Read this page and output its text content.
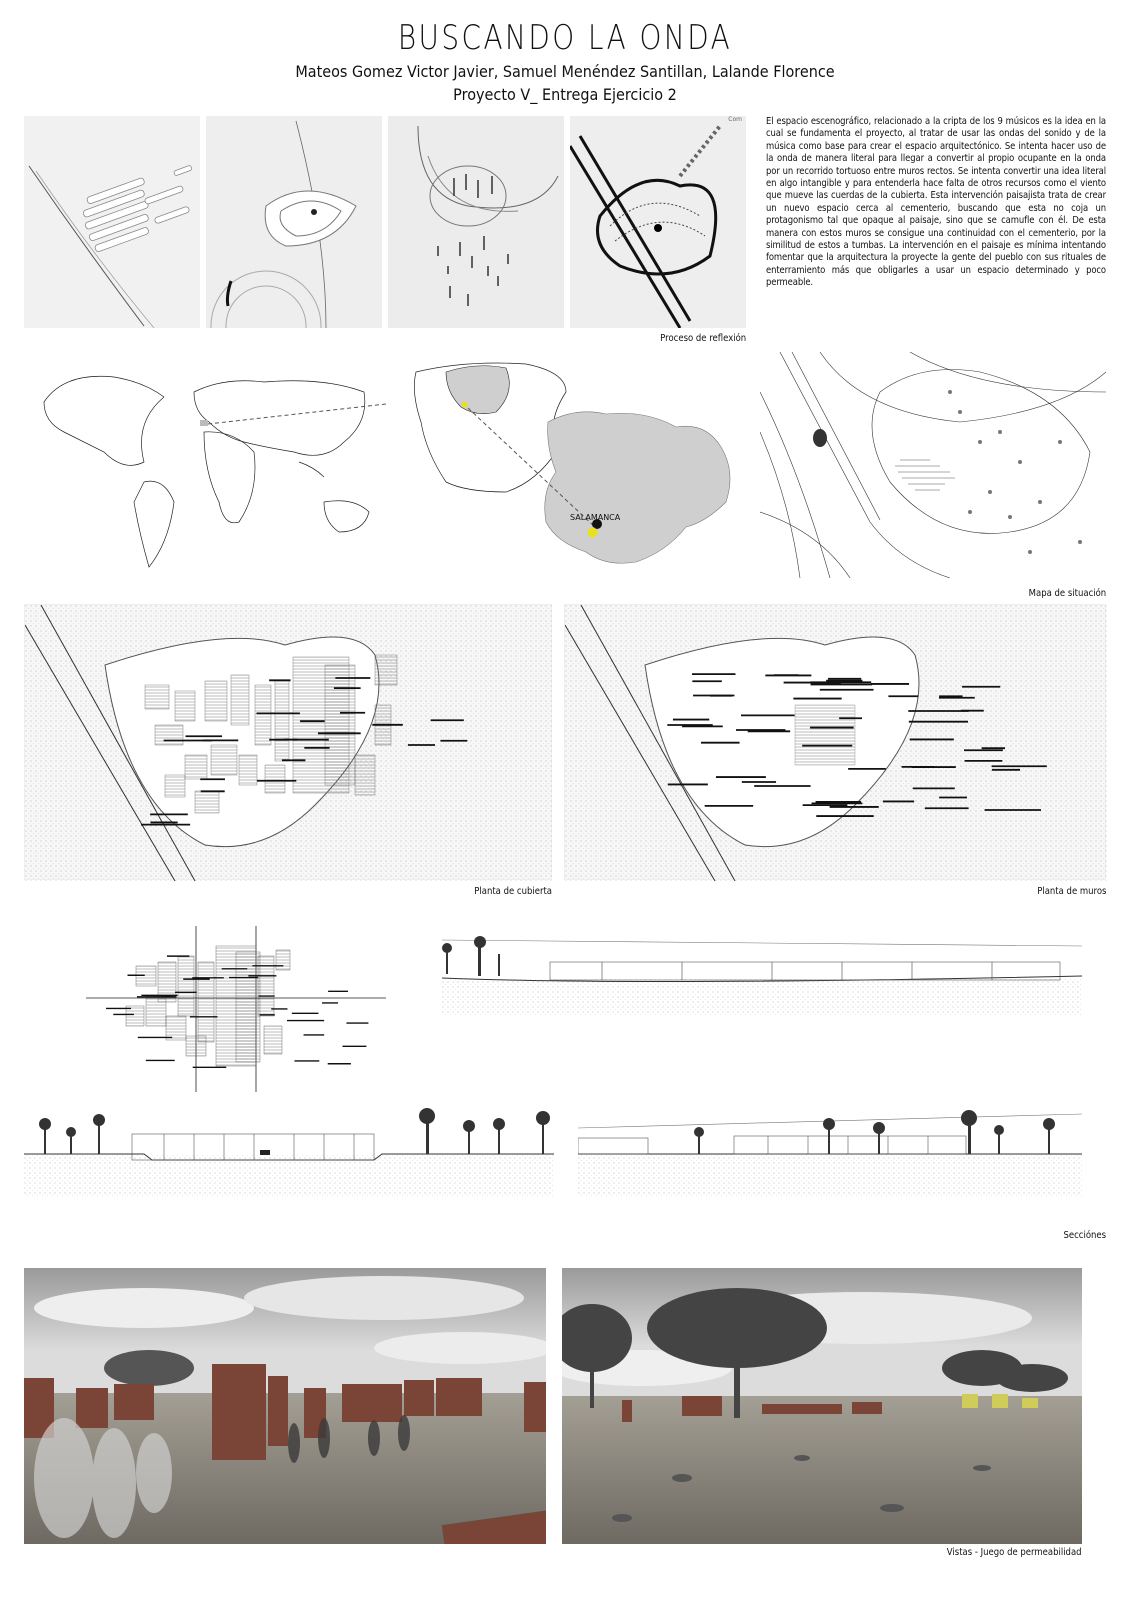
BUSCANDO LA ONDA
Mateos Gomez Victor Javier, Samuel Menéndez Santillan, Lalande Florence
Proyecto V_ Entrega Ejercicio 2
Com	El espacio escenográfico, relacionado a la cripta de los 9 músicos es la idea en la cual se fundamenta el proyecto, al tratar de usar las ondas del sonido y de la música como base para crear el espacio arquitectónico. Se intenta hacer uso de la onda de manera literal para llegar a convertir al propio ocupante en la onda por un recorrido tortuoso entre muros rectos. Se intenta convertir una idea literal en algo intangible y para entenderla hace falta de otros recursos como el viento que mueve las cuerdas de la cubierta. Esta intervención paisajista trata de crear un nuevo espacio cerca al cementerio, buscando que esta no coja un protagonismo tal que opaque al paisaje, sino que se camufle con él. De esta manera con estos muros se consigue una continuidad con el cementerio, por la similitud de estos a tumbas. La intervención en el paisaje es mínima intentando fomentar que la arquitectura la proyecte la gente del pueblo con sus rituales de enterramiento más que obligarles a usar un espacio determinado y poco permeable.
Proceso de reflexión
SALAMANCA
Mapa de situación
Planta de cubierta	Planta de muros
Secciónes
Vistas - Juego de permeabilidad
